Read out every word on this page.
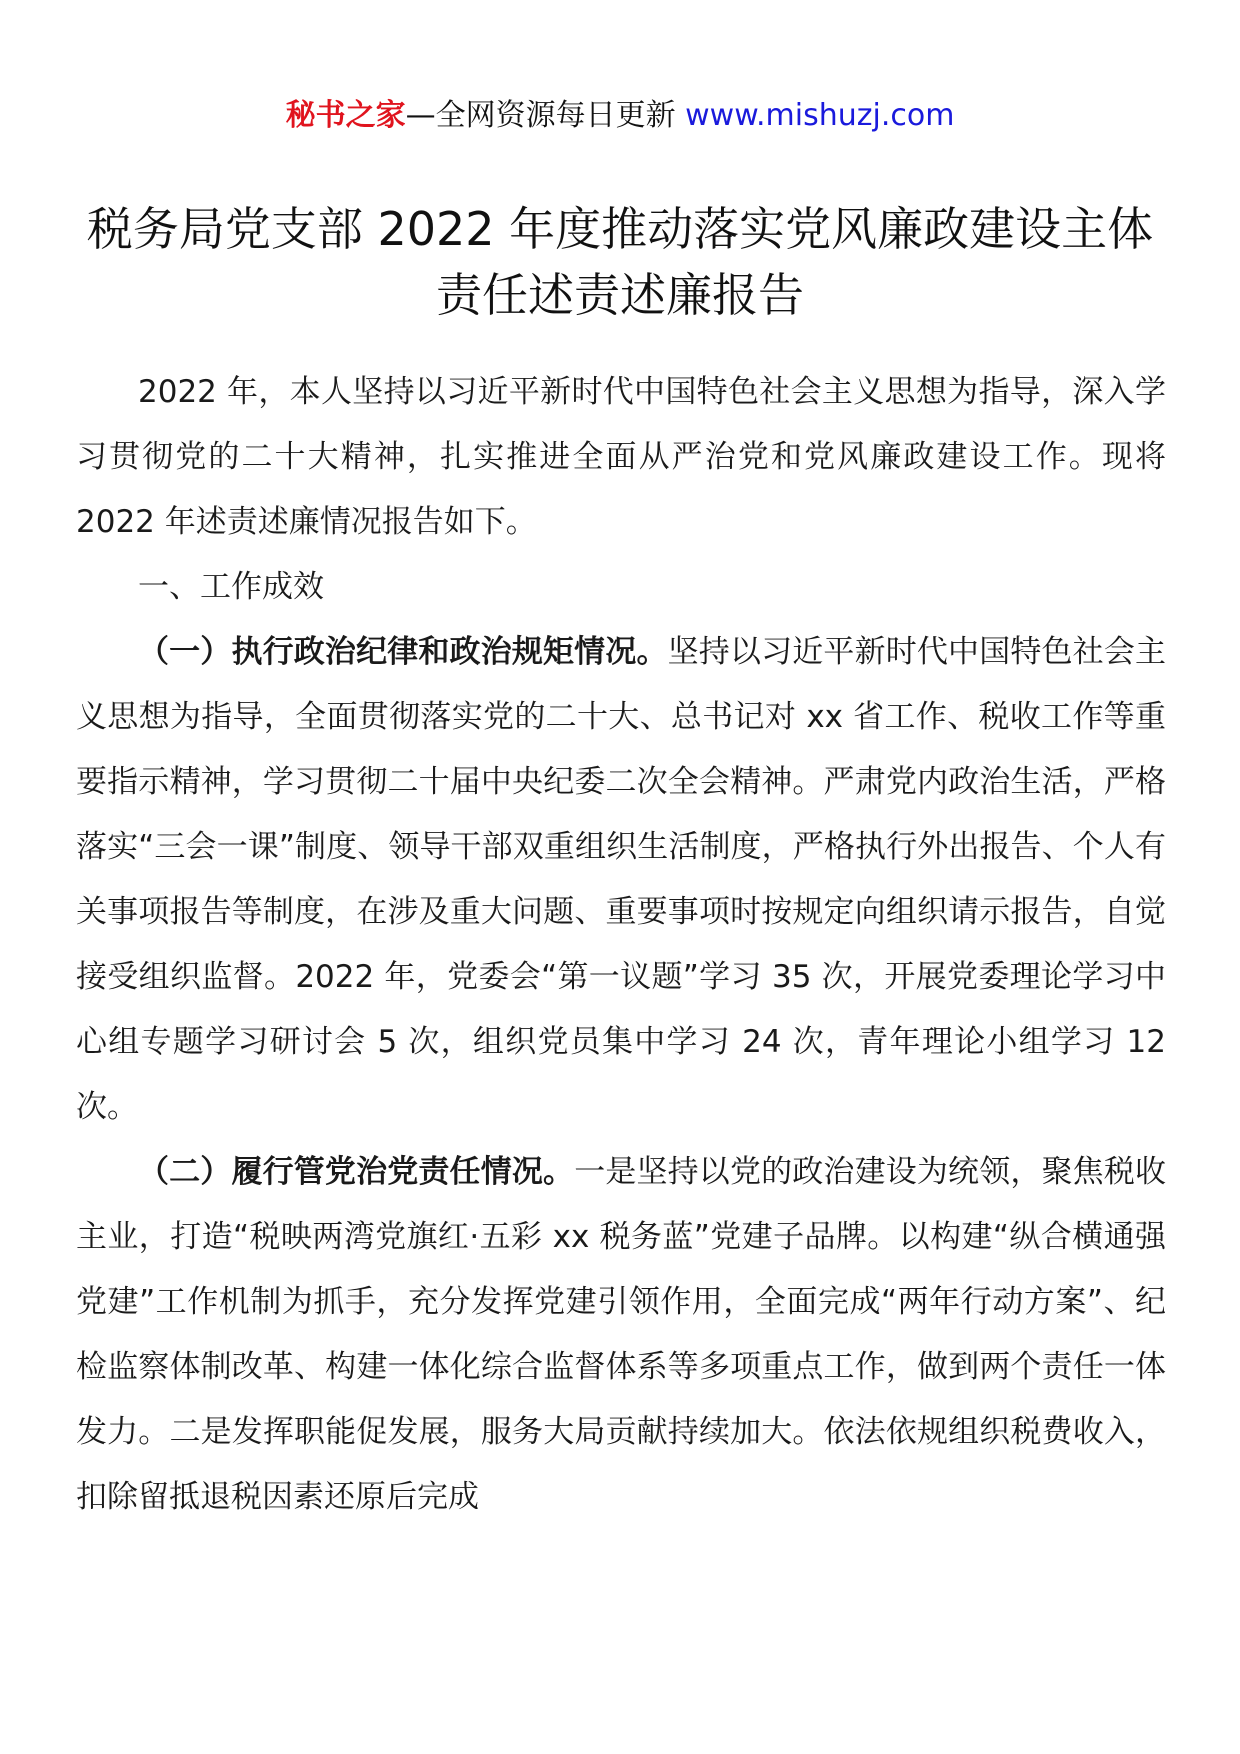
秘书之家—全网资源每日更新 www.mishuzj.com
税务局党支部 2022 年度推动落实党风廉政建设主体
责任述责述廉报告

2022 年，本人坚持以习近平新时代中国特色社会主义思想为指导，深入学习贯彻党的二十大精神，扎实推进全面从严治党和党风廉政建设工作。现将 2022 年述责述廉情况报告如下。

一、工作成效

（一）执行政治纪律和政治规矩情况。坚持以习近平新时代中国特色社会主义思想为指导，全面贯彻落实党的二十大、总书记对 xx 省工作、税收工作等重要指示精神，学习贯彻二十届中央纪委二次全会精神。严肃党内政治生活，严格落实“三会一课”制度、领导干部双重组织生活制度，严格执行外出报告、个人有关事项报告等制度，在涉及重大问题、重要事项时按规定向组织请示报告，自觉接受组织监督。2022 年，党委会“第一议题”学习 35 次，开展党委理论学习中心组专题学习研讨会 5 次，组织党员集中学习 24 次，青年理论小组学习 12 次。

（二）履行管党治党责任情况。一是坚持以党的政治建设为统领，聚焦税收主业，打造“税映两湾党旗红·五彩 xx 税务蓝”党建子品牌。以构建“纵合横通强党建”工作机制为抓手，充分发挥党建引领作用，全面完成“两年行动方案”、纪检监察体制改革、构建一体化综合监督体系等多项重点工作，做到两个责任一体发力。二是发挥职能促发展，服务大局贡献持续加大。依法依规组织税费收入，扣除留抵退税因素还原后完成
